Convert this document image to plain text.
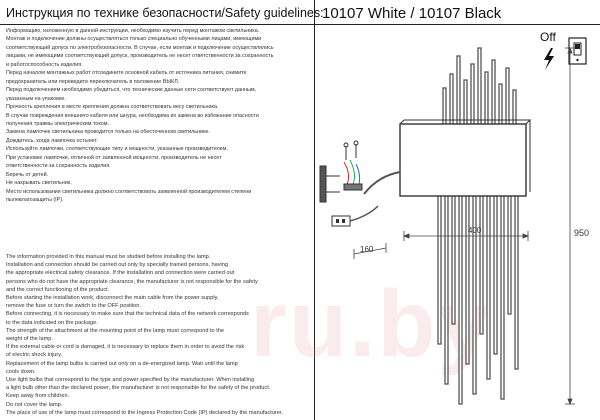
Инструкция по технике безопасности/Safety guidelines:
10107 White / 10107 Black
Информацию, изложенную в данной инструкции, необходимо изучить перед монтажом светильника.
Монтаж и подключение должны осуществляться только специально обученными лицами, имеющими
соответствующий допуск по электробезопасности. В случае, если монтаж и подключение осуществлялись
лицами, не имеющими соответствующий допуск, производитель не несет ответственности за сохранность
и работоспособность изделия.
Перед началом монтажных работ отсоедините основной кабель от источника питания, снимите
предохранитель или переведите переключатель в положение ВЫКЛ.
Перед подключением необходимо убедиться, что технические данные сети соответствуют данным,
указанным на упаковке.
Прочность крепления в месте крепления должна соответствовать весу светильника.
В случае повреждения внешнего кабеля или шнура, необходима их замена во избежание опасности
получения травмы электрическим током.
Замена лампочек светильника проводится только на обесточенном светильнике.
Дождитесь, когда лампочка остынет.
Используйте лампочки, соответствующие типу и мощности, указанные производителем.
При установке лампочки, отличной от заявленной мощности, производитель не несет
ответственности за сохранность изделия.
Беречь от детей.
Не накрывать светильник.
Место использования светильника должно соответствовать заявленной производителем степени
пылевлагозащиты (IP).
The information provided in this manual must be studied before installing the lamp.
Installation and connection should be carried out only by specially trained persons, having
the appropriate electrical safety clearance. If the installation and connection were carried out
persons who do not have the appropriate clearance, the manufacturer is not responsible for the safety
and the correct functioning of the product.
Before starting the installation work, disconnect the main cable from the power supply,
remove the fuse or turn the switch to the OFF position.
Before connecting, it is necessary to make sure that the technical data of the network corresponds
to the data indicated on the package.
The strength of the attachment at the mounting point of the lamp must correspond to the
weight of the lamp.
If the external cable or cord is damaged, it is necessary to replace them in order to avoid the risk
of electric shock injury.
Replacement of the lamp bulbs is carried out only on a de-energized lamp. Wait until the lamp
cools down.
Use light bulbs that correspond to the type and power specified by the manufacturer. When installing
a light bulb other than the declared power, the manufacturer is not responsible for the safety of the product.
Keep away from children.
Do not cover the lamp.
The place of use of the lamp must correspond to the Ingress Protection Code (IP) declared by the manufacturer.
ru.by
Off
400	950
160
